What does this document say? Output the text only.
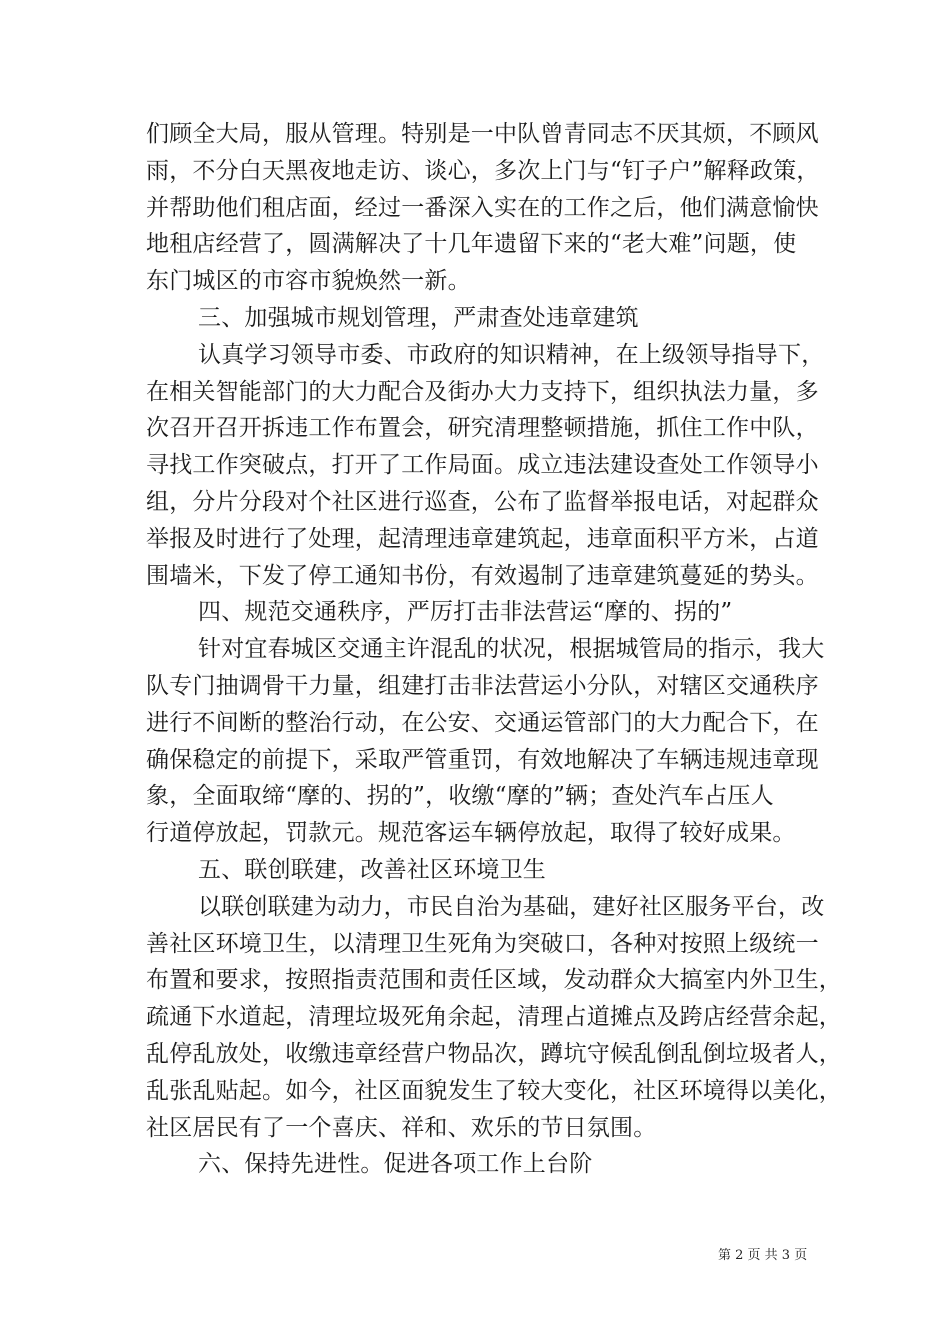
们顾全大局，服从管理。特别是一中队曾青同志不厌其烦，不顾风
雨，不分白天黑夜地走访、谈心，多次上门与“钉子户”解释政策，
并帮助他们租店面，经过一番深入实在的工作之后，他们满意愉快
地租店经营了，圆满解决了十几年遗留下来的“老大难”问题，使
东门城区的市容市貌焕然一新。
三、加强城市规划管理，严肃查处违章建筑
认真学习领导市委、市政府的知识精神，在上级领导指导下，
在相关智能部门的大力配合及街办大力支持下，组织执法力量，多
次召开召开拆违工作布置会，研究清理整顿措施，抓住工作中队，
寻找工作突破点，打开了工作局面。成立违法建设查处工作领导小
组，分片分段对个社区进行巡查，公布了监督举报电话，对起群众
举报及时进行了处理，起清理违章建筑起，违章面积平方米，占道
围墙米，下发了停工通知书份，有效遏制了违章建筑蔓延的势头。
四、规范交通秩序，严厉打击非法营运“摩的、拐的”
针对宜春城区交通主许混乱的状况，根据城管局的指示，我大
队专门抽调骨干力量，组建打击非法营运小分队，对辖区交通秩序
进行不间断的整治行动，在公安、交通运管部门的大力配合下，在
确保稳定的前提下，采取严管重罚，有效地解决了车辆违规违章现
象，全面取缔“摩的、拐的”，收缴“摩的”辆；查处汽车占压人
行道停放起，罚款元。规范客运车辆停放起，取得了较好成果。
五、联创联建，改善社区环境卫生
以联创联建为动力，市民自治为基础，建好社区服务平台，改
善社区环境卫生，以清理卫生死角为突破口，各种对按照上级统一
布置和要求，按照指责范围和责任区域，发动群众大搞室内外卫生，
疏通下水道起，清理垃圾死角余起，清理占道摊点及跨店经营余起，
乱停乱放处，收缴违章经营户物品次，蹲坑守候乱倒乱倒垃圾者人，
乱张乱贴起。如今，社区面貌发生了较大变化，社区环境得以美化，
社区居民有了一个喜庆、祥和、欢乐的节日氛围。
六、保持先进性。促进各项工作上台阶
第 2 页 共 3 页
